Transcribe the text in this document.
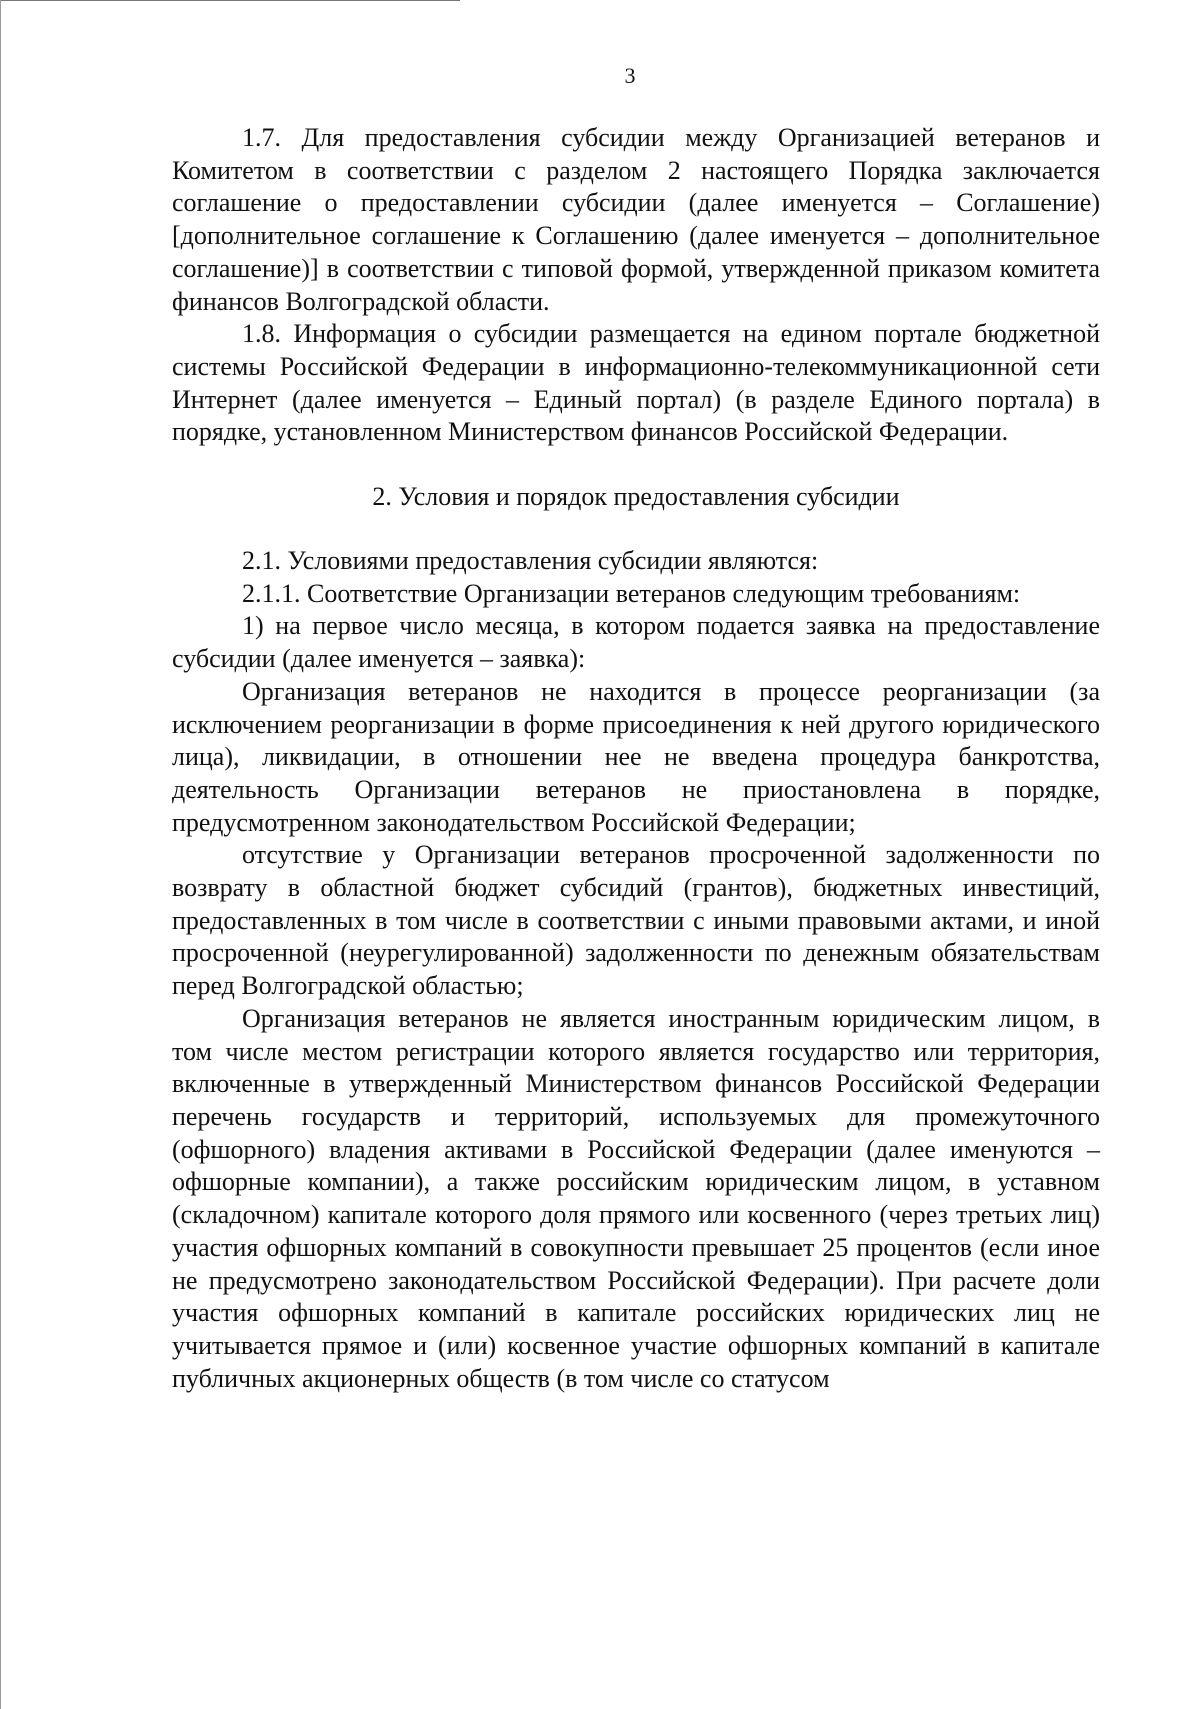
3

1.7. Для предоставления субсидии между Организацией ветеранов и Комитетом в соответствии с разделом 2 настоящего Порядка заключается соглашение о предоставлении субсидии (далее именуется – Соглашение) [дополнительное соглашение к Соглашению (далее именуется – дополнительное соглашение)] в соответствии с типовой формой, утвержденной приказом комитета финансов Волгоградской области.

1.8. Информация о субсидии размещается на едином портале бюджетной системы Российской Федерации в информационно-телекоммуникационной сети Интернет (далее именуется – Единый портал) (в разделе Единого портала) в порядке, установленном Министерством финансов Российской Федерации.

2. Условия и порядок предоставления субсидии

2.1. Условиями предоставления субсидии являются:

2.1.1. Соответствие Организации ветеранов следующим требованиям:

1) на первое число месяца, в котором подается заявка на предоставление субсидии (далее именуется – заявка):

Организация ветеранов не находится в процессе реорганизации (за исключением реорганизации в форме присоединения к ней другого юридического лица), ликвидации, в отношении нее не введена процедура банкротства, деятельность Организации ветеранов не приостановлена в порядке, предусмотренном законодательством Российской Федерации;

отсутствие у Организации ветеранов просроченной задолженности по возврату в областной бюджет субсидий (грантов), бюджетных инвестиций, предоставленных в том числе в соответствии с иными правовыми актами, и иной просроченной (неурегулированной) задолженности по денежным обязательствам перед Волгоградской областью;

Организация ветеранов не является иностранным юридическим лицом, в том числе местом регистрации которого является государство или территория, включенные в утвержденный Министерством финансов Российской Федерации перечень государств и территорий, используемых для промежуточного (офшорного) владения активами в Российской Федерации (далее именуются – офшорные компании), а также российским юридическим лицом, в уставном (складочном) капитале которого доля прямого или косвенного (через третьих лиц) участия офшорных компаний в совокупности превышает 25 процентов (если иное не предусмотрено законодательством Российской Федерации). При расчете доли участия офшорных компаний в капитале российских юридических лиц не учитывается прямое и (или) косвенное участие офшорных компаний в капитале публичных акционерных обществ (в том числе со статусом
